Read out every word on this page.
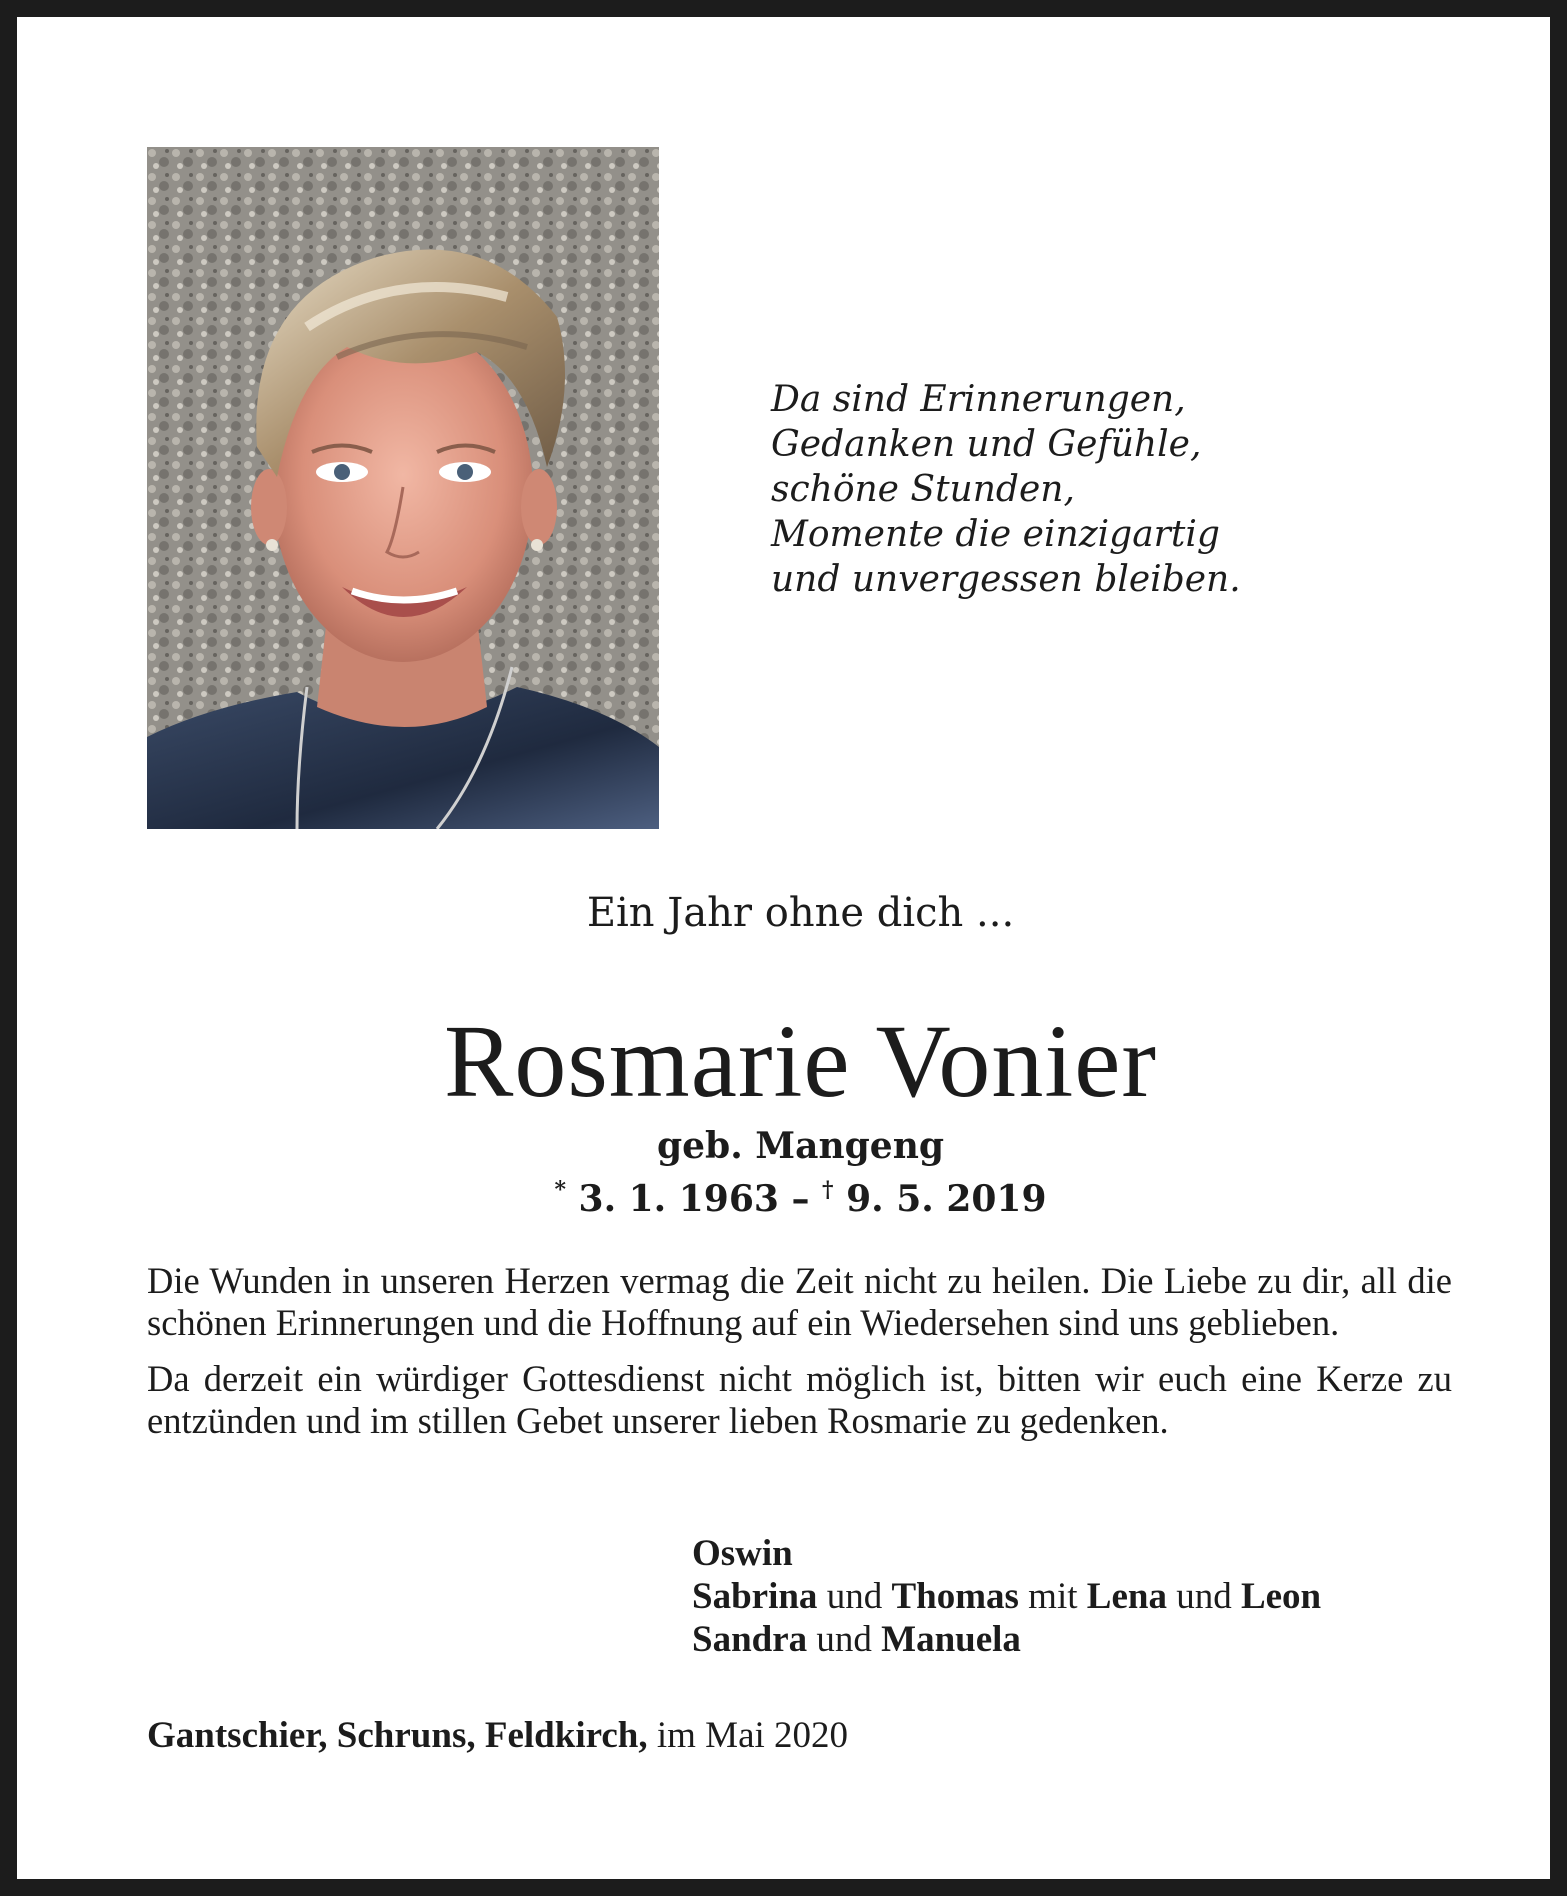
Da sind Erinnerungen,
Gedanken und Gefühle,
schöne Stunden,
Momente die einzigartig
und unvergessen bleiben.
Ein Jahr ohne dich ...
Rosmarie Vonier
geb. Mangeng
* 3. 1. 1963 – † 9. 5. 2019

Die Wunden in unseren Herzen vermag die Zeit nicht zu heilen. Die Liebe zu dir, all die schönen Erinnerungen und die Hoffnung auf ein Wiedersehen sind uns geblieben.

Da derzeit ein würdiger Gottesdienst nicht möglich ist, bitten wir euch eine Kerze zu entzünden und im stillen Gebet unserer lieben Rosmarie zu gedenken.

Oswin
Sabrina und Thomas mit Lena und Leon
Sandra und Manuela
Gantschier, Schruns, Feldkirch, im Mai 2020
